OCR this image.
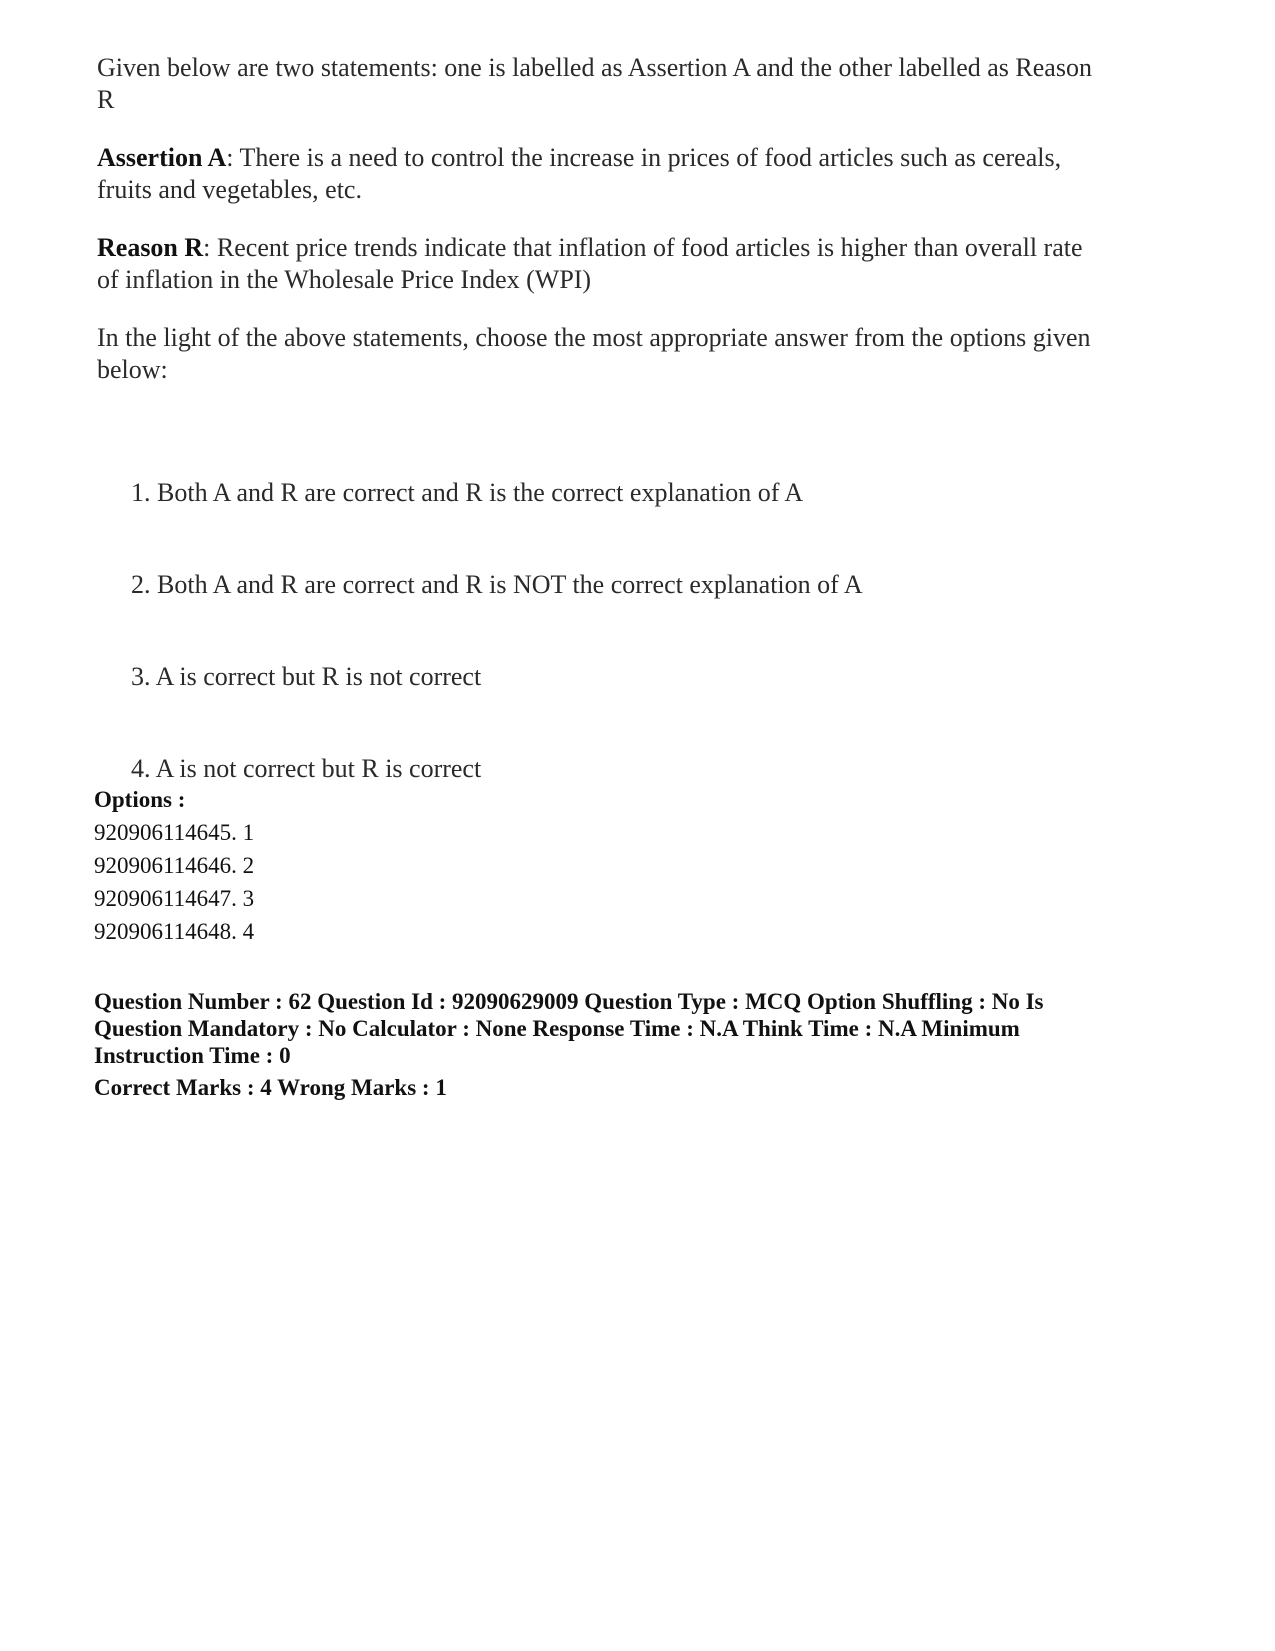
Given below are two statements: one is labelled as Assertion A and the other labelled as Reason R

Assertion A: There is a need to control the increase in prices of food articles such as cereals, fruits and vegetables, etc.

Reason R: Recent price trends indicate that inflation of food articles is higher than overall rate of inflation in the Wholesale Price Index (WPI)

In the light of the above statements, choose the most appropriate answer from the options given below:

1. Both A and R are correct and R is the correct explanation of A
2. Both A and R are correct and R is NOT the correct explanation of A
3. A is correct but R is not correct
4. A is not correct but R is correct
Options :
920906114645. 1
920906114646. 2
920906114647. 3
920906114648. 4
Question Number : 62 Question Id : 92090629009 Question Type : MCQ Option Shuffling : No Is Question Mandatory : No Calculator : None Response Time : N.A Think Time : N.A Minimum Instruction Time : 0
Correct Marks : 4 Wrong Marks : 1
